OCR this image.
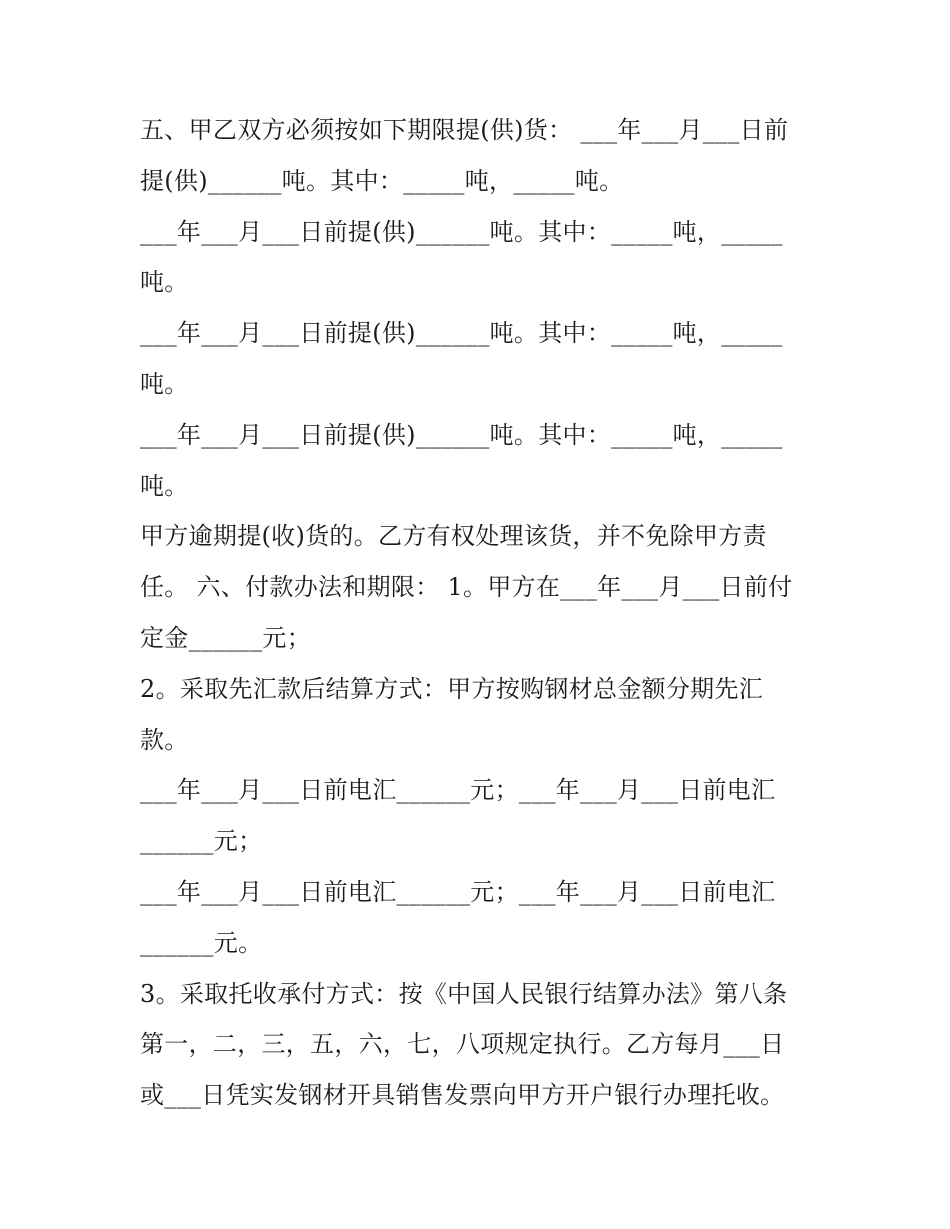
五、甲乙双方必须按如下期限提(供)货： ___年___月___日前
提(供)______吨。其中：_____吨，_____吨。
___年___月___日前提(供)______吨。其中：_____吨，_____
吨。
___年___月___日前提(供)______吨。其中：_____吨，_____
吨。
___年___月___日前提(供)______吨。其中：_____吨，_____
吨。
甲方逾期提(收)货的。乙方有权处理该货，并不免除甲方责
任。 六、付款办法和期限： 1。甲方在___年___月___日前付
定金______元；
2。采取先汇款后结算方式：甲方按购钢材总金额分期先汇
款。
___年___月___日前电汇______元；___年___月___日前电汇
______元；
___年___月___日前电汇______元；___年___月___日前电汇
______元。
3。采取托收承付方式：按《中国人民银行结算办法》第八条
第一，二，三，五，六，七，八项规定执行。乙方每月___日
或___日凭实发钢材开具销售发票向甲方开户银行办理托收。
